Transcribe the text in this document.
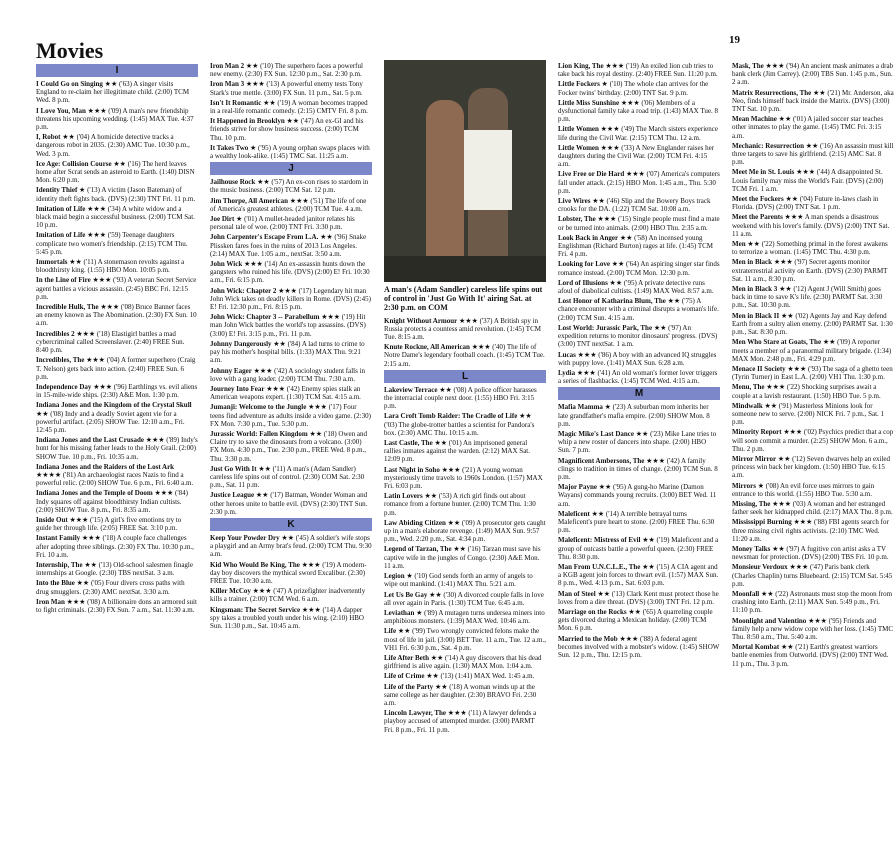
Movies	19
I
I Could Go on Singing ★★ ('63) A singer visits England to re-claim her illegitimate child. (2:00) TCM Wed. 8 p.m.
I Love You, Man ★★★ ('09) A man's new friendship threatens his upcoming wedding. (1:45) MAX Tue. 4:37 p.m.
I, Robot ★★ ('04) A homicide detective tracks a dangerous robot in 2035. (2:30) AMC Tue. 10:30 p.m., Wed. 3 p.m.
Ice Age: Collision Course ★★ ('16) The herd leaves home after Scrat sends an asteroid to Earth. (1:40) DISN Mon. 6:20 p.m.
Identity Thief ★ ('13) A victim (Jason Bateman) of identity theft fights back. (DVS) (2:30) TNT Fri. 11 p.m.
Imitation of Life ★★★ ('34) A white widow and a black maid begin a successful business. (2:00) TCM Sat. 10 p.m.
Imitation of Life ★★★ ('59) Teenage daughters complicate two women's friendship. (2:15) TCM Thu. 5:45 p.m.
Immortals ★★ ('11) A stonemason revolts against a bloodthirsty king. (1:55) HBO Mon. 10:05 p.m.
In the Line of Fire ★★★ ('93) A veteran Secret Service agent battles a vicious assassin. (2:45) BBC Fri. 12:15 p.m.
Incredible Hulk, The ★★★ ('08) Bruce Banner faces an enemy known as The Abomination. (2:30) FX Sun. 10 a.m.
Incredibles 2 ★★★ ('18) Elastigirl battles a mad cybercriminal called Screenslaver. (2:40) FREE Sun. 8:40 p.m.
Incredibles, The ★★★ ('04) A former superhero (Craig T. Nelson) gets back into action. (2:40) FREE Sun. 6 p.m.
Independence Day ★★★ ('96) Earthlings vs. evil aliens in 15-mile-wide ships. (2:30) A&E Mon. 1:30 p.m.
Indiana Jones and the Kingdom of the Crystal Skull ★★ ('08) Indy and a deadly Soviet agent vie for a powerful artifact. (2:05) SHOW Tue. 12:10 a.m., Fri. 12:45 p.m.
Indiana Jones and the Last Crusade ★★★ ('89) Indy's hunt for his missing father leads to the Holy Grail. (2:00) SHOW Tue. 10 p.m., Fri. 10:35 a.m.
Indiana Jones and the Raiders of the Lost Ark ★★★★ ('81) An archaeologist races Nazis to find a powerful relic. (2:00) SHOW Tue. 6 p.m., Fri. 6:40 a.m.
Indiana Jones and the Temple of Doom ★★★ ('84) Indy squares off against bloodthirsty Indian cultists. (2:00) SHOW Tue. 8 p.m., Fri. 8:35 a.m.
Inside Out ★★★ ('15) A girl's five emotions try to guide her through life. (2:05) FREE Sat. 3:10 p.m.
Instant Family ★★★ ('18) A couple face challenges after adopting three siblings. (2:30) FX Thu. 10:30 p.m., Fri. 10 a.m.
Internship, The ★★ ('13) Old-school salesmen finagle internships at Google. (2:30) TBS nextSat. 3 a.m.
Into the Blue ★★ ('05) Four divers cross paths with drug smugglers. (2:30) AMC nextSat. 3:30 a.m.
Iron Man ★★★ ('08) A billionaire dons an armored suit to fight criminals. (2:30) FX Sun. 7 a.m., Sat. 11:30 a.m.
Iron Man 2 ★★ ('10) The superhero faces a powerful new enemy. (2:30) FX Sun. 12:30 p.m., Sat. 2:30 p.m.
Iron Man 3 ★★★ ('13) A powerful enemy tests Tony Stark's true mettle. (3:00) FX Sun. 11 p.m., Sat. 5 p.m.
Isn't It Romantic ★★ ('19) A woman becomes trapped in a real-life romantic comedy. (2:15) CMTV Fri. 8 p.m.
It Happened in Brooklyn ★★ ('47) An ex-GI and his friends strive for show business success. (2:00) TCM Thu. 10 p.m.
It Takes Two ★ ('95) A young orphan swaps places with a wealthy look-alike. (1:45) TMC Sat. 11:25 a.m.
J
Jailhouse Rock ★★ ('57) An ex-con rises to stardom in the music business. (2:00) TCM Sat. 12 p.m.
Jim Thorpe, All American ★★★ ('51) The life of one of America's greatest athletes. (2:00) TCM Tue. 4 a.m.
Joe Dirt ★ ('01) A mullet-headed janitor relates his personal tale of woe. (2:00) TNT Fri. 3:30 p.m.
John Carpenter's Escape From L.A. ★★ ('96) Snake Plissken fares foes in the ruins of 2013 Los Angeles. (2:14) MAX Tue. 1:05 a.m., nextSat. 3:50 a.m.
John Wick ★★★ ('14) An ex-assassin hunts down the gangsters who ruined his life. (DVS) (2:00) E! Fri. 10:30 a.m., Fri. 6:15 p.m.
John Wick: Chapter 2 ★★★ ('17) Legendary hit man John Wick takes on deadly killers in Rome. (DVS) (2:45) E! Fri. 12:30 p.m., Fri. 8:15 p.m.
John Wick: Chapter 3 -- Parabellum ★★★ ('19) Hit man John Wick battles the world's top assassins. (DVS) (3:00) E! Fri. 3:15 p.m., Fri. 11 p.m.
Johnny Dangerously ★★ ('84) A lad turns to crime to pay his mother's hospital bills. (1:33) MAX Thu. 9:21 a.m.
Johnny Eager ★★★ ('42) A sociology student falls in love with a gang leader. (2:00) TCM Thu. 7:30 a.m.
Journey Into Fear ★★★ ('42) Enemy spies stalk an American weapons expert. (1:30) TCM Sat. 4:15 a.m.
Jumanji: Welcome to the Jungle ★★★ ('17) Four teens find adventure as adults inside a video game. (2:30) FX Mon. 7:30 p.m., Tue. 5:30 p.m.
Jurassic World: Fallen Kingdom ★★ ('18) Owen and Claire try to save the dinosaurs from a volcano. (3:00) FX Mon. 4:30 p.m., Tue. 2:30 p.m., FREE Wed. 8 p.m., Thu. 3:30 p.m.
Just Go With It ★★ ('11) A man's (Adam Sandler) careless life spins out of control. (2:30) COM Sat. 2:30 p.m., Sat. 11 p.m.
Justice League ★★ ('17) Batman, Wonder Woman and other heroes unite to battle evil. (DVS) (2:30) TNT Sun. 2:30 p.m.
K
Keep Your Powder Dry ★★ ('45) A soldier's wife stops a playgirl and an Army brat's feud. (2:00) TCM Thu. 9:30 a.m.
Kid Who Would Be King, The ★★★ ('19) A modern-day boy discovers the mythical sword Excalibur. (2:30) FREE Tue. 10:30 a.m.
Killer McCoy ★★★ ('47) A prizefighter inadvertently kills a trainer. (2:00) TCM Wed. 6 a.m.
Kingsman: The Secret Service ★★★ ('14) A dapper spy takes a troubled youth under his wing. (2:10) HBO Sun. 11:30 p.m., Sat. 10:45 a.m.
A man's (Adam Sandler) careless life spins out of control in 'Just Go With It' airing Sat. at 2:30 p.m. on COM
Knight Without Armour ★★★ ('37) A British spy in Russia protects a countess amid revolution. (1:45) TCM Tue. 8:15 a.m.
Knute Rockne, All American ★★★ ('40) The life of Notre Dame's legendary football coach. (1:45) TCM Tue. 2:15 a.m.
L
Lakeview Terrace ★★ ('08) A police officer harasses the interracial couple next door. (1:55) HBO Fri. 3:15 p.m.
Lara Croft Tomb Raider: The Cradle of Life ★★ ('03) The globe-trotter battles a scientist for Pandora's box. (2:30) AMC Thu. 10:15 a.m.
Last Castle, The ★★ ('01) An imprisoned general rallies inmates against the warden. (2:12) MAX Sat. 12:09 p.m.
Last Night in Soho ★★★ ('21) A young woman mysteriously time travels to 1960s London. (1:57) MAX Fri. 6:03 p.m.
Latin Lovers ★★ ('53) A rich girl finds out about romance from a fortune hunter. (2:00) TCM Thu. 1:30 p.m.
Law Abiding Citizen ★★ ('09) A prosecutor gets caught up in a man's elaborate revenge. (1:49) MAX Sun. 9:57 p.m., Wed. 2:20 p.m., Sat. 4:34 p.m.
Legend of Tarzan, The ★★ ('16) Tarzan must save his captive wife in the jungles of Congo. (2:30) A&E Mon. 11 a.m.
Legion ★ ('10) God sends forth an army of angels to wipe out mankind. (1:41) MAX Thu. 5:21 a.m.
Let Us Be Gay ★★ ('30) A divorced couple falls in love all over again in Paris. (1:30) TCM Tue. 6:45 a.m.
Leviathan ★ ('89) A mutagen turns undersea miners into amphibious monsters. (1:39) MAX Wed. 10:46 a.m.
Life ★★ ('99) Two wrongly convicted felons make the most of life in jail. (3:00) BET Tue. 11 a.m., Tue. 12 a.m., VH1 Fri. 6:30 p.m., Sat. 4 p.m.
Life After Beth ★★ ('14) A guy discovers that his dead girlfriend is alive again. (1:30) MAX Mon. 1:04 a.m.
Life of Crime ★★ ('13) (1:41) MAX Wed. 1:45 a.m.
Life of the Party ★★ ('18) A woman winds up at the same college as her daughter. (2:30) BRAVO Fri. 2:30 a.m.
Lincoln Lawyer, The ★★★ ('11) A lawyer defends a playboy accused of attempted murder. (3:00) PARMT Fri. 8 p.m., Fri. 11 p.m.
Lion King, The ★★★ ('19) An exiled lion cub tries to take back his royal destiny. (2:40) FREE Sun. 11:20 p.m.
Little Fockers ★ ('10) The whole clan arrives for the Focker twins' birthday. (2:00) TNT Sat. 9 p.m.
Little Miss Sunshine ★★★ ('06) Members of a dysfunctional family take a road trip. (1:43) MAX Tue. 8 p.m.
Little Women ★★★ ('49) The March sisters experience life during the Civil War. (2:15) TCM Thu. 12 a.m.
Little Women ★★★ ('33) A New Englander raises her daughters during the Civil War. (2:00) TCM Fri. 4:15 a.m.
Live Free or Die Hard ★★★ ('07) America's computers fall under attack. (2:15) HBO Mon. 1:45 a.m., Thu. 5:30 p.m.
Live Wires ★★ ('46) Slip and the Bowery Boys track crooks for the DA. (1:22) TCM Sat. 10:08 a.m.
Lobster, The ★★★ ('15) Single people must find a mate or be turned into animals. (2:00) HBO Thu. 2:35 a.m.
Look Back in Anger ★★ ('58) An incensed young Englishman (Richard Burton) rages at life. (1:45) TCM Fri. 4 p.m.
Looking for Love ★★ ('64) An aspiring singer star finds romance instead. (2:00) TCM Mon. 12:30 p.m.
Lord of Illusions ★★ ('95) A private detective runs afoul of diabolical cultists. (1:49) MAX Wed. 8:57 a.m.
Lost Honor of Katharina Blum, The ★★ ('75) A chance encounter with a criminal disrupts a woman's life. (2:00) TCM Sun. 4:15 a.m.
Lost World: Jurassic Park, The ★★ ('97) An expedition returns to monitor dinosaurs' progress. (DVS) (3:00) TNT nextSat. 1 a.m.
Lucas ★★★ ('86) A boy with an advanced IQ struggles with puppy love. (1:41) MAX Sun. 6:28 a.m.
Lydia ★★★ ('41) An old woman's former lover triggers a series of flashbacks. (1:45) TCM Wed. 4:15 a.m.
M
Mafia Mamma ★ ('23) A suburban mom inherits her late grandfather's mafia empire. (2:00) SHOW Mon. 8 p.m.
Magic Mike's Last Dance ★★ ('23) Mike Lane tries to whip a new roster of dancers into shape. (2:00) HBO Sun. 7 p.m.
Magnificent Ambersons, The ★★★ ('42) A family clings to tradition in times of change. (2:00) TCM Sun. 8 p.m.
Major Payne ★★ ('95) A gung-ho Marine (Damon Wayans) commands young recruits. (3:00) BET Wed. 11 a.m.
Maleficent ★★ ('14) A terrible betrayal turns Maleficent's pure heart to stone. (2:00) FREE Thu. 6:30 p.m.
Maleficent: Mistress of Evil ★★ ('19) Maleficent and a group of outcasts battle a powerful queen. (2:30) FREE Thu. 8:30 p.m.
Man From U.N.C.L.E., The ★★ ('15) A CIA agent and a KGB agent join forces to thwart evil. (1:57) MAX Sun. 8 p.m., Wed. 4:13 p.m., Sat. 6:03 p.m.
Man of Steel ★★ ('13) Clark Kent must protect those he loves from a dire threat. (DVS) (3:00) TNT Fri. 12 p.m.
Marriage on the Rocks ★★ ('65) A quarreling couple gets divorced during a Mexican holiday. (2:00) TCM Mon. 6 p.m.
Married to the Mob ★★★ ('88) A federal agent becomes involved with a mobster's widow. (1:45) SHOW Sun. 12 p.m., Thu. 12:15 p.m.
Mask, The ★★★ ('94) An ancient mask animates a drab bank clerk (Jim Carrey). (2:00) TBS Sun. 1:45 p.m., Sun. 2 a.m.
Matrix Resurrections, The ★★ ('21) Mr. Anderson, aka Neo, finds himself back inside the Matrix. (DVS) (3:00) TNT Sat. 10 p.m.
Mean Machine ★★ ('01) A jailed soccer star teaches other inmates to play the game. (1:45) TMC Fri. 3:15 a.m.
Mechanic: Resurrection ★★ ('16) An assassin must kill three targets to save his girlfriend. (2:15) AMC Sat. 8 p.m.
Meet Me in St. Louis ★★★ ('44) A disappointed St. Louis family may miss the World's Fair. (DVS) (2:00) TCM Fri. 1 a.m.
Meet the Fockers ★★ ('04) Future in-laws clash in Florida. (DVS) (2:00) TNT Sat. 1 p.m.
Meet the Parents ★★★ A man spends a disastrous weekend with his lover's family. (DVS) (2:00) TNT Sat. 11 a.m.
Men ★★ ('22) Something primal in the forest awakens to terrorize a woman. (1:45) TMC Thu. 4:30 p.m.
Men in Black ★★★ ('97) Secret agents monitor extraterrestrial activity on Earth. (DVS) (2:30) PARMT Sat. 11 a.m., 8:30 p.m.
Men in Black 3 ★★ ('12) Agent J (Will Smith) goes back in time to save K's life. (2:30) PARMT Sat. 3:30 p.m., Sat. 10:30 p.m.
Men in Black II ★★ ('02) Agents Jay and Kay defend Earth from a sultry alien enemy. (2:00) PARMT Sat. 1:30 p.m., Sat. 8:30 p.m.
Men Who Stare at Goats, The ★★ ('09) A reporter meets a member of a paranormal military brigade. (1:34) MAX Mon. 2:48 p.m., Fri. 4:29 p.m.
Menace II Society ★★★ ('93) The saga of a ghetto teen (Tyrin Turner) in East L.A. (2:00) VH1 Thu. 1:30 p.m.
Menu, The ★★★ ('22) Shocking surprises await a couple at a lavish restaurant. (1:50) HBO Tue. 5 p.m.
Mindwalk ★★ ('91) Masterless Minions look for someone new to serve. (2:00) NICK Fri. 7 p.m., Sat. 1 p.m.
Minority Report ★★★ ('02) Psychics predict that a cop will soon commit a murder. (2:25) SHOW Mon. 6 a.m., Thu. 2 p.m.
Mirror Mirror ★★ ('12) Seven dwarves help an exiled princess win back her kingdom. (1:50) HBO Tue. 6:15 a.m.
Mirrors ★ ('08) An evil force uses mirrors to gain entrance to this world. (1:55) HBO Tue. 5:30 a.m.
Missing, The ★★★ ('03) A woman and her estranged father seek her kidnapped child. (2:17) MAX Thu. 8 p.m.
Mississippi Burning ★★★ ('88) FBI agents search for three missing civil rights activists. (2:10) TMC Wed. 11:20 a.m.
Money Talks ★★ ('97) A fugitive con artist asks a TV newsman for protection. (DVS) (2:00) TBS Fri. 10 p.m.
Monsieur Verdoux ★★★ ('47) Paris bank clerk (Charles Chaplin) turns Bluebeard. (2:15) TCM Sat. 5:45 p.m.
Moonfall ★★ ('22) Astronauts must stop the moon from crashing into Earth. (2:11) MAX Sun. 5:49 p.m., Fri. 11:10 p.m.
Moonlight and Valentino ★★★ ('95) Friends and family help a new widow cope with her loss. (1:45) TMC Thu. 8:50 a.m., Thu. 5:40 a.m.
Mortal Kombat ★★ ('21) Earth's greatest warriors battle enemies from Outworld. (DVS) (2:00) TNT Wed. 11 p.m., Thu. 3 p.m.
